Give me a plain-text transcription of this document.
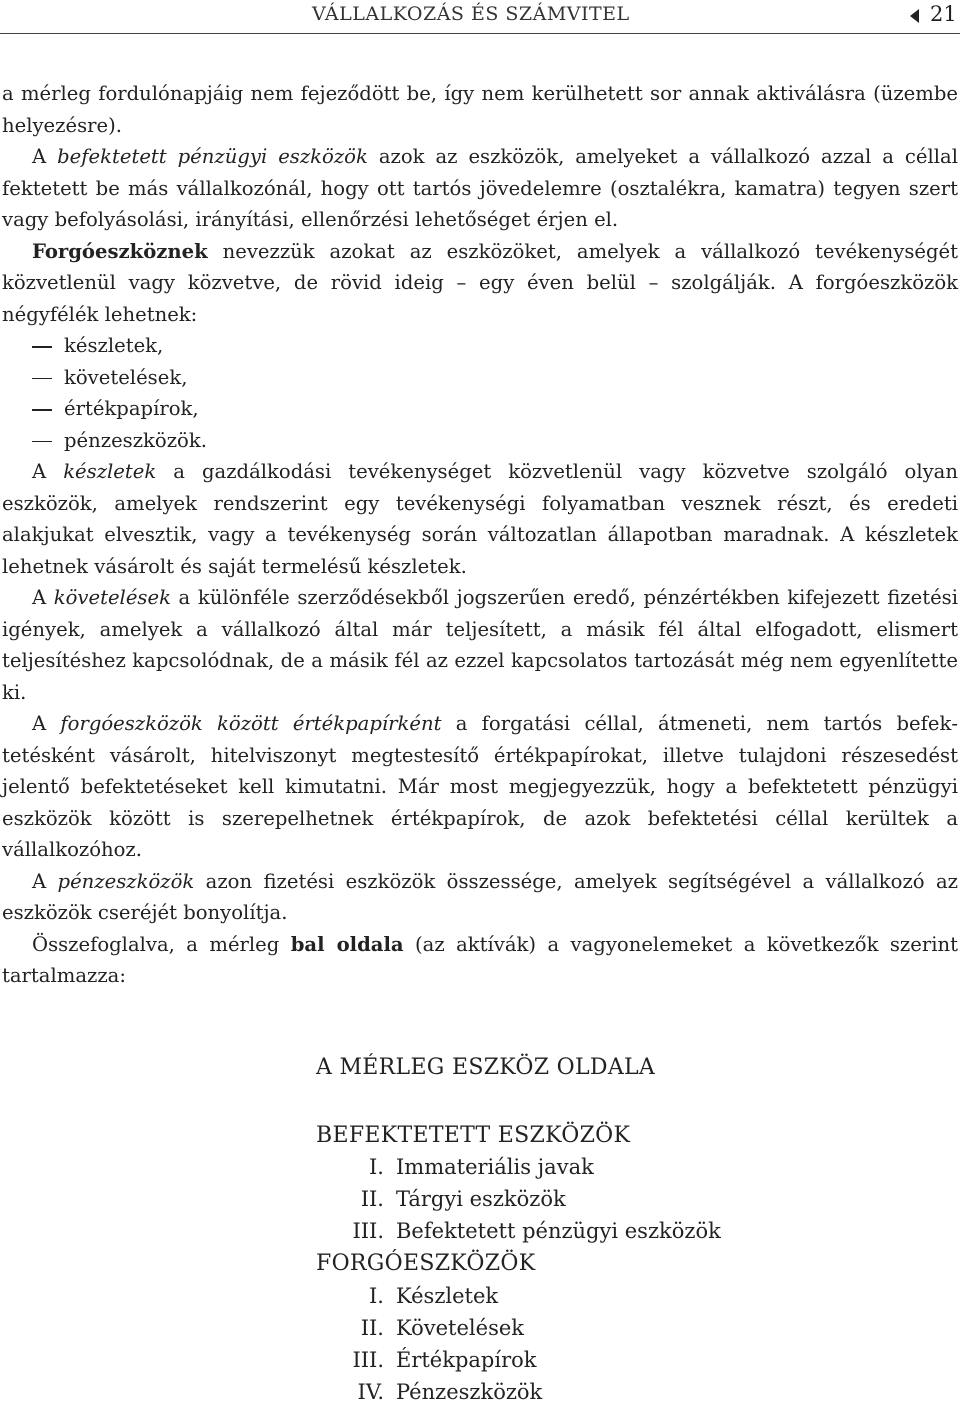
VÁLLALKOZÁS ÉS SZÁMVITEL	21

a mérleg fordulónapjáig nem fejeződött be, így nem kerülhetett sor annak aktiválásra (üzembe helyezésre).

A befektetett pénzügyi eszközök azok az eszközök, amelyeket a vállalkozó azzal a céllal fektetett be más vállalkozónál, hogy ott tartós jövedelemre (osztalékra, kamatra) tegyen szert vagy befolyásolási, irányítási, ellenőrzési lehetőséget érjen el.

Forgóeszköznek nevezzük azokat az eszközöket, amelyek a vállalkozó tevékenységét közvetlenül vagy közvetve, de rövid ideig – egy éven belül – szolgálják. A forgóeszközök négyfélék lehetnek:

készletek,
követelések,
értékpapírok,
pénzeszközök.

A készletek a gazdálkodási tevékenységet közvetlenül vagy közvetve szolgáló olyan eszközök, amelyek rendszerint egy tevékenységi folyamatban vesznek részt, és eredeti alakjukat elvesztik, vagy a tevékenység során változatlan állapotban maradnak. A készletek lehetnek vásárolt és saját termelésű készletek.

A követelések a különféle szerződésekből jogszerűen eredő, pénzértékben kifejezett fizetési igények, amelyek a vállalkozó által már teljesített, a másik fél által elfogadott, elismert teljesítéshez kapcsolódnak, de a másik fél az ezzel kapcsolatos tartozását még nem egyenlítette ki.

A forgóeszközök között értékpapírként a forgatási céllal, átmeneti, nem tartós befektetésként vásárolt, hitelviszonyt megtestesítő értékpapírokat, illetve tulajdoni részesedést jelentő befektetéseket kell kimutatni. Már most megjegyezzük, hogy a befektetett pénzügyi eszközök között is szerepelhetnek értékpapírok, de azok befektetési céllal kerültek a vállalkozóhoz.

A pénzeszközök azon fizetési eszközök összessége, amelyek segítségével a vállalkozó az eszközök cseréjét bonyolítja.

Összefoglalva, a mérleg bal oldala (az aktívák) a vagyonelemeket a következők szerint tartalmazza:

A MÉRLEG ESZKÖZ OLDALA
BEFEKTETETT ESZKÖZÖK
I. Immateriális javak
II. Tárgyi eszközök
III. Befektetett pénzügyi eszközök
FORGÓESZKÖZÖK
I. Készletek
II. Követelések
III. Értékpapírok
IV. Pénzeszközök
